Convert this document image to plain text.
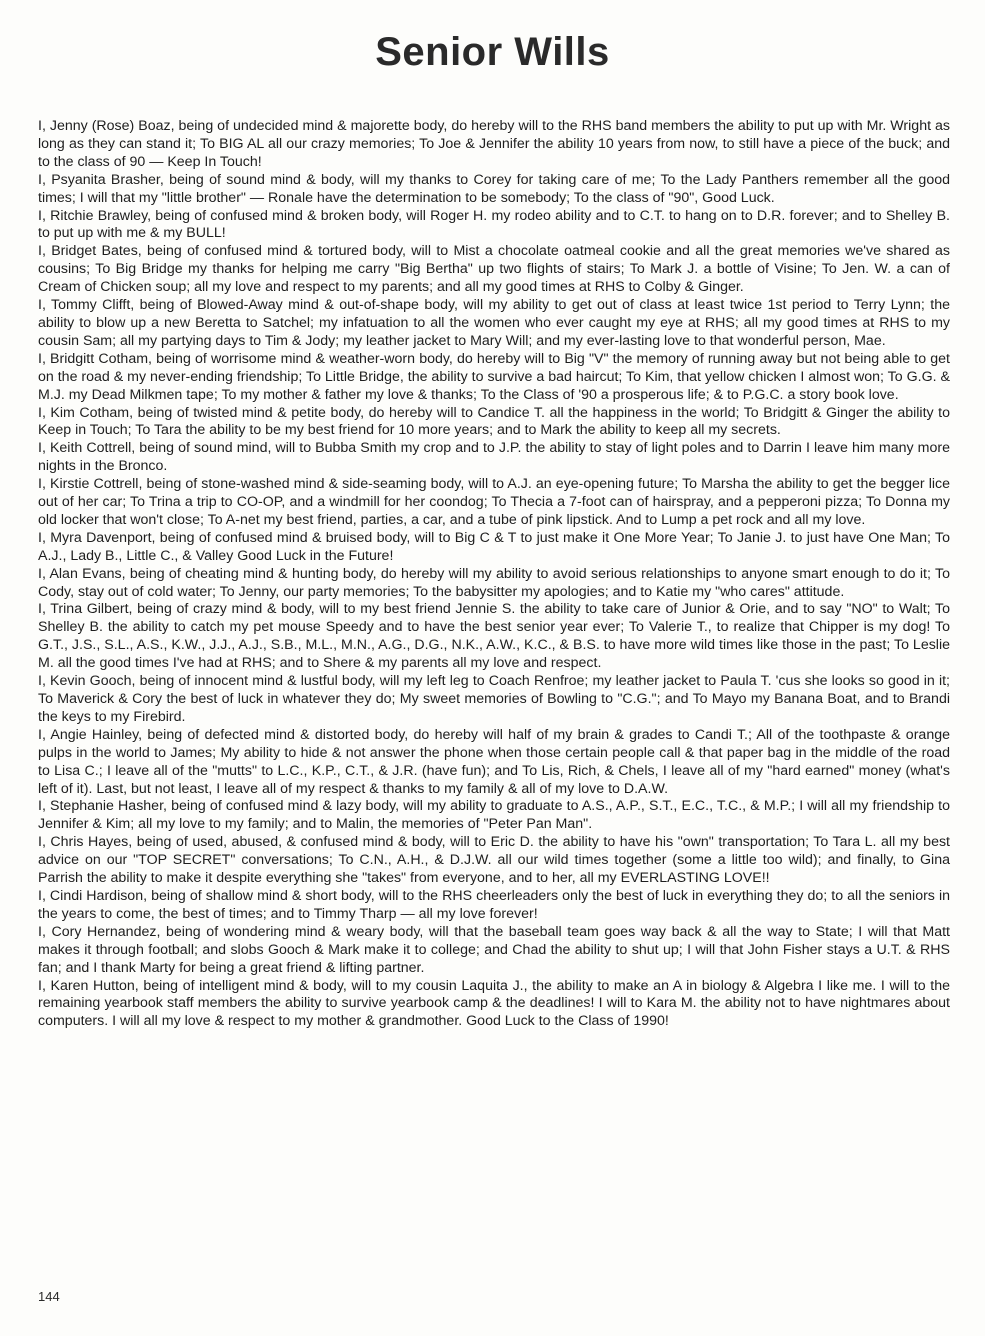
Senior Wills

I, Jenny (Rose) Boaz, being of undecided mind & majorette body, do hereby will to the RHS band members the ability to put up with Mr. Wright as long as they can stand it; To BIG AL all our crazy memories; To Joe & Jennifer the ability 10 years from now, to still have a piece of the buck; and to the class of 90 — Keep In Touch!

I, Psyanita Brasher, being of sound mind & body, will my thanks to Corey for taking care of me; To the Lady Panthers remember all the good times; I will that my "little brother" — Ronale have the determination to be somebody; To the class of "90", Good Luck.

I, Ritchie Brawley, being of confused mind & broken body, will Roger H. my rodeo ability and to C.T. to hang on to D.R. forever; and to Shelley B. to put up with me & my BULL!

I, Bridget Bates, being of confused mind & tortured body, will to Mist a chocolate oatmeal cookie and all the great memories we've shared as cousins; To Big Bridge my thanks for helping me carry "Big Bertha" up two flights of stairs; To Mark J. a bottle of Visine; To Jen. W. a can of Cream of Chicken soup; all my love and respect to my parents; and all my good times at RHS to Colby & Ginger.

I, Tommy Clifft, being of Blowed-Away mind & out-of-shape body, will my ability to get out of class at least twice 1st period to Terry Lynn; the ability to blow up a new Beretta to Satchel; my infatuation to all the women who ever caught my eye at RHS; all my good times at RHS to my cousin Sam; all my partying days to Tim & Jody; my leather jacket to Mary Will; and my ever-lasting love to that wonderful person, Mae.

I, Bridgitt Cotham, being of worrisome mind & weather-worn body, do hereby will to Big "V" the memory of running away but not being able to get on the road & my never-ending friendship; To Little Bridge, the ability to survive a bad haircut; To Kim, that yellow chicken I almost won; To G.G. & M.J. my Dead Milkmen tape; To my mother & father my love & thanks; To the Class of '90 a prosperous life; & to P.G.C. a story book love.

I, Kim Cotham, being of twisted mind & petite body, do hereby will to Candice T. all the happiness in the world; To Bridgitt & Ginger the ability to Keep in Touch; To Tara the ability to be my best friend for 10 more years; and to Mark the ability to keep all my secrets.

I, Keith Cottrell, being of sound mind, will to Bubba Smith my crop and to J.P. the ability to stay of light poles and to Darrin I leave him many more nights in the Bronco.

I, Kirstie Cottrell, being of stone-washed mind & side-seaming body, will to A.J. an eye-opening future; To Marsha the ability to get the begger lice out of her car; To Trina a trip to CO-OP, and a windmill for her coondog; To Thecia a 7-foot can of hairspray, and a pepperoni pizza; To Donna my old locker that won't close; To A-net my best friend, parties, a car, and a tube of pink lipstick. And to Lump a pet rock and all my love.

I, Myra Davenport, being of confused mind & bruised body, will to Big C & T to just make it One More Year; To Janie J. to just have One Man; To A.J., Lady B., Little C., & Valley Good Luck in the Future!

I, Alan Evans, being of cheating mind & hunting body, do hereby will my ability to avoid serious relationships to anyone smart enough to do it; To Cody, stay out of cold water; To Jenny, our party memories; To the babysitter my apologies; and to Katie my "who cares" attitude.

I, Trina Gilbert, being of crazy mind & body, will to my best friend Jennie S. the ability to take care of Junior & Orie, and to say "NO" to Walt; To Shelley B. the ability to catch my pet mouse Speedy and to have the best senior year ever; To Valerie T., to realize that Chipper is my dog! To G.T., J.S., S.L., A.S., K.W., J.J., A.J., S.B., M.L., M.N., A.G., D.G., N.K., A.W., K.C., & B.S. to have more wild times like those in the past; To Leslie M. all the good times I've had at RHS; and to Shere & my parents all my love and respect.

I, Kevin Gooch, being of innocent mind & lustful body, will my left leg to Coach Renfroe; my leather jacket to Paula T. 'cus she looks so good in it; To Maverick & Cory the best of luck in whatever they do; My sweet memories of Bowling to "C.G."; and To Mayo my Banana Boat, and to Brandi the keys to my Firebird.

I, Angie Hainley, being of defected mind & distorted body, do hereby will half of my brain & grades to Candi T.; All of the toothpaste & orange pulps in the world to James; My ability to hide & not answer the phone when those certain people call & that paper bag in the middle of the road to Lisa C.; I leave all of the "mutts" to L.C., K.P., C.T., & J.R. (have fun); and To Lis, Rich, & Chels, I leave all of my "hard earned" money (what's left of it). Last, but not least, I leave all of my respect & thanks to my family & all of my love to D.A.W.

I, Stephanie Hasher, being of confused mind & lazy body, will my ability to graduate to A.S., A.P., S.T., E.C., T.C., & M.P.; I will all my friendship to Jennifer & Kim; all my love to my family; and to Malin, the memories of "Peter Pan Man".

I, Chris Hayes, being of used, abused, & confused mind & body, will to Eric D. the ability to have his "own" transportation; To Tara L. all my best advice on our "TOP SECRET" conversations; To C.N., A.H., & D.J.W. all our wild times together (some a little too wild); and finally, to Gina Parrish the ability to make it despite everything she "takes" from everyone, and to her, all my EVERLASTING LOVE!!

I, Cindi Hardison, being of shallow mind & short body, will to the RHS cheerleaders only the best of luck in everything they do; to all the seniors in the years to come, the best of times; and to Timmy Tharp — all my love forever!

I, Cory Hernandez, being of wondering mind & weary body, will that the baseball team goes way back & all the way to State; I will that Matt makes it through football; and slobs Gooch & Mark make it to college; and Chad the ability to shut up; I will that John Fisher stays a U.T. & RHS fan; and I thank Marty for being a great friend & lifting partner.

I, Karen Hutton, being of intelligent mind & body, will to my cousin Laquita J., the ability to make an A in biology & Algebra I like me. I will to the remaining yearbook staff members the ability to survive yearbook camp & the deadlines! I will to Kara M. the ability not to have nightmares about computers. I will all my love & respect to my mother & grandmother. Good Luck to the Class of 1990!

144
